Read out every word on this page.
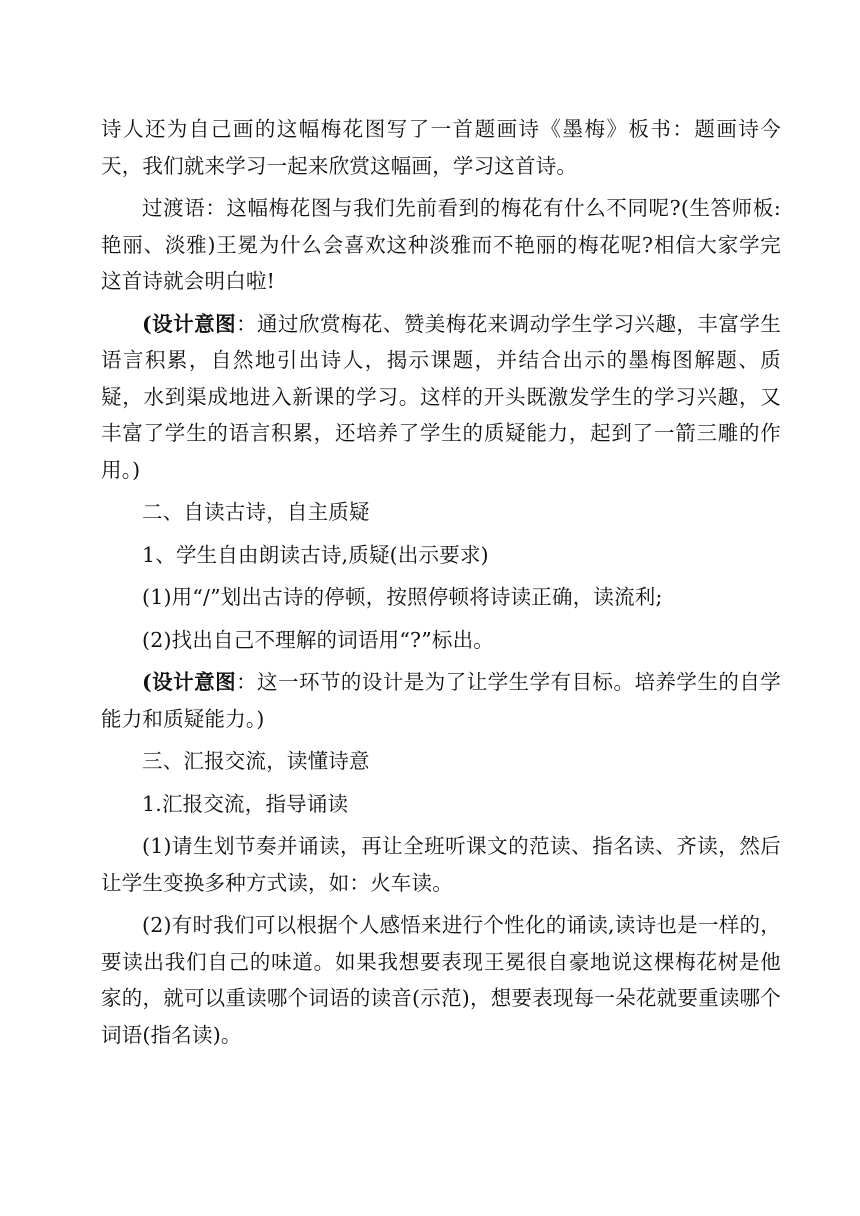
诗人还为自己画的这幅梅花图写了一首题画诗《墨梅》板书：题画诗今天，我们就来学习一起来欣赏这幅画，学习这首诗。

过渡语：这幅梅花图与我们先前看到的梅花有什么不同呢?(生答师板:艳丽、淡雅)王冕为什么会喜欢这种淡雅而不艳丽的梅花呢?相信大家学完这首诗就会明白啦!

(设计意图：通过欣赏梅花、赞美梅花来调动学生学习兴趣，丰富学生语言积累，自然地引出诗人，揭示课题，并结合出示的墨梅图解题、质疑，水到渠成地进入新课的学习。这样的开头既激发学生的学习兴趣，又丰富了学生的语言积累，还培养了学生的质疑能力，起到了一箭三雕的作用。)

二、自读古诗，自主质疑

1、学生自由朗读古诗,质疑(出示要求)

(1)用“/”划出古诗的停顿，按照停顿将诗读正确，读流利;

(2)找出自己不理解的词语用“?”标出。

(设计意图：这一环节的设计是为了让学生学有目标。培养学生的自学能力和质疑能力。)

三、汇报交流，读懂诗意

1.汇报交流，指导诵读

(1)请生划节奏并诵读，再让全班听课文的范读、指名读、齐读，然后让学生变换多种方式读，如：火车读。

(2)有时我们可以根据个人感悟来进行个性化的诵读,读诗也是一样的，要读出我们自己的味道。如果我想要表现王冕很自豪地说这棵梅花树是他家的，就可以重读哪个词语的读音(示范)，想要表现每一朵花就要重读哪个词语(指名读)。
